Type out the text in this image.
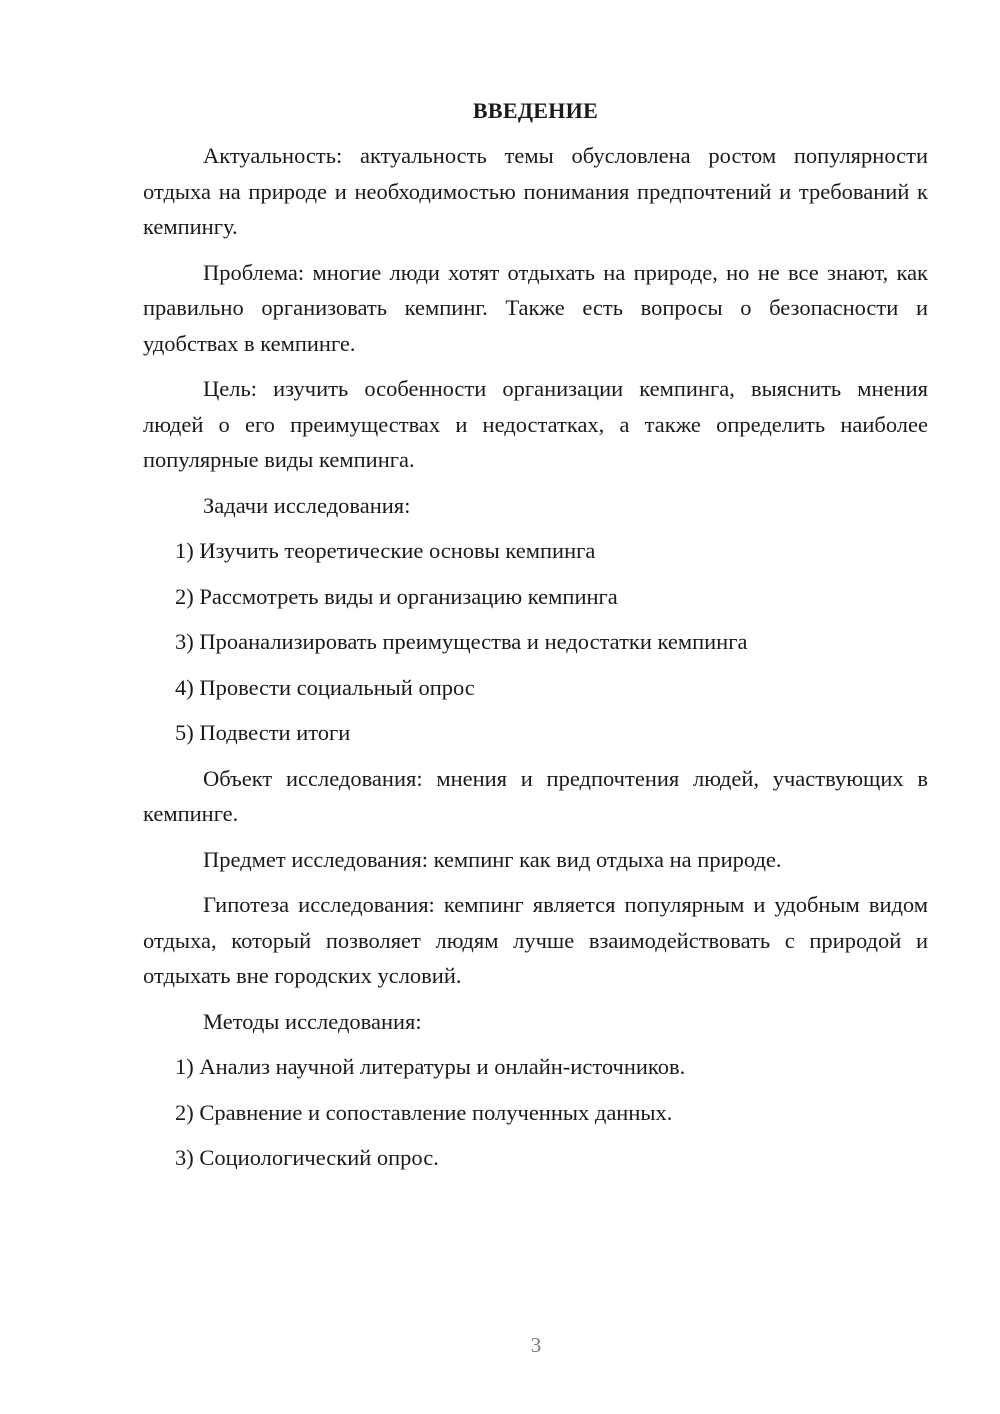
ВВЕДЕНИЕ

Актуальность: актуальность темы обусловлена ростом популярности отдыха на природе и необходимостью понимания предпочтений и требований к кемпингу.

Проблема: многие люди хотят отдыхать на природе, но не все знают, как правильно организовать кемпинг. Также есть вопросы о безопасности и удобствах в кемпинге.

Цель: изучить особенности организации кемпинга, выяснить мнения людей о его преимуществах и недостатках, а также определить наиболее популярные виды кемпинга.

Задачи исследования:

1) Изучить теоретические основы кемпинга

2) Рассмотреть виды и организацию кемпинга

3) Проанализировать преимущества и недостатки кемпинга

4) Провести социальный опрос

5) Подвести итоги

Объект исследования: мнения и предпочтения людей, участвующих в кемпинге.

Предмет исследования: кемпинг как вид отдыха на природе.

Гипотеза исследования: кемпинг является популярным и удобным видом отдыха, который позволяет людям лучше взаимодействовать с природой и отдыхать вне городских условий.

Методы исследования:

1) Анализ научной литературы и онлайн-источников.

2) Сравнение и сопоставление полученных данных.

3) Социологический опрос.

3
